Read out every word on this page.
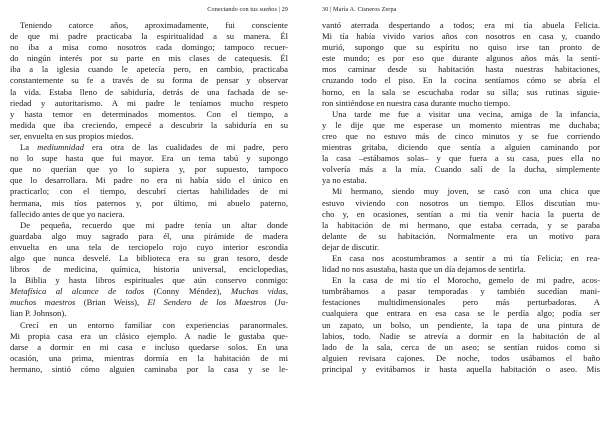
Conectando con tus sueños | 29
Teniendo catorce años, aproximadamente, fui consciente
de que mi padre practicaba la espiritualidad a su manera. Él
no iba a misa como nosotros cada domingo; tampoco recuer-
do ningún interés por su parte en mis clases de catequesis. Él
iba a la iglesia cuando le apetecía pero, en cambio, practicaba
constantemente su fe a través de su forma de pensar y observar
la vida. Estaba lleno de sabiduría, detrás de una fachada de se-
riedad y autoritarismo. A mi padre le teníamos mucho respeto
y hasta temor en determinados momentos. Con el tiempo, a
medida que iba creciendo, empecé a descubrir la sabiduría en su
ser, envuelta en sus propios miedos.
La mediumnidad era otra de las cualidades de mi padre, pero
no lo supe hasta que fui mayor. Era un tema tabú y supongo
que no querían que yo lo supiera y, por supuesto, tampoco
que lo desarrollara. Mi padre no era ni había sido el único en
practicarlo; con el tiempo, descubrí ciertas habilidades de mi
hermana, mis tíos paternos y, por último, mi abuelo paterno,
fallecido antes de que yo naciera.
De pequeña, recuerdo que mi padre tenía un altar donde
guardaba algo muy sagrado para él, una pirámide de madera
envuelta en una tela de terciopelo rojo cuyo interior escondía
algo que nunca desvelé. La biblioteca era su gran tesoro, desde
libros de medicina, química, historia universal, enciclopedias,
la Biblia y hasta libros espirituales que aún conservo conmigo:
Metafísica al alcance de todos (Conny Méndez), Muchas vidas,
muchos maestros (Brian Weiss), El Sendero de los Maestros (Ju-
lian P. Johnson).
Crecí en un entorno familiar con experiencias paranormales.
Mi propia casa era un clásico ejemplo. A nadie le gustaba que-
darse a dormir en mi casa e incluso quedarse solos. En una
ocasión, una prima, mientras dormía en la habitación de mi
hermano, sintió cómo alguien caminaba por la casa y se le-
30 | María A. Cisneros Zerpa
vantó aterrada despertando a todos; era mi tía abuela Felicia.
Mi tía había vivido varios años con nosotros en casa y, cuando
murió, supongo que su espíritu no quiso irse tan pronto de
este mundo; es por eso que durante algunos años más la sentí-
mos caminar desde su habitación hasta nuestras habitaciones,
cruzando todo el piso. En la cocina sentíamos cómo se abría el
horno, en la sala se escuchaba rodar su silla; sus rutinas siguie-
ron sintiéndose en nuestra casa durante mucho tiempo.
Una tarde me fue a visitar una vecina, amiga de la infancia,
y le dije que me esperase un momento mientras me duchaba;
creo que no estuvo más de cinco minutos y se fue corriendo
mientras gritaba, diciendo que sentía a alguien caminando por
la casa –estábamos solas– y que fuera a su casa, pues ella no
volvería más a la mía. Cuando salí de la ducha, simplemente
ya no estaba.
Mi hermano, siendo muy joven, se casó con una chica que
estuvo viviendo con nosotros un tiempo. Ellos discutían mu-
cho y, en ocasiones, sentían a mi tía venir hacia la puerta de
la habitación de mi hermano, que estaba cerrada, y se paraba
delante de su habitación. Normalmente era un motivo para
dejar de discutir.
En casa nos acostumbramos a sentir a mi tía Felicia; en rea-
lidad no nos asustaba, hasta que un día dejamos de sentirla.
En la casa de mi tío el Moroch​o, gemelo de mi padre, acos-
tumbrábamos a pasar temporadas y también sucedían mani-
festaciones multidimensionales pero más perturbadoras. A
cualquiera que entrara en esa casa se le perdía algo; podía ser
un zapato, un bolso, un pendiente, la tapa de una pintura de
labios, todo. Nadie se atrevía a dormir en la habitación de al
lado de la sala, cerca de un aseo; se sentían ruidos como si
alguien revisara cajones. De noche, todos usábamos el baño
principal y evitábamos ir hasta aquella habitación o aseo. Mis
